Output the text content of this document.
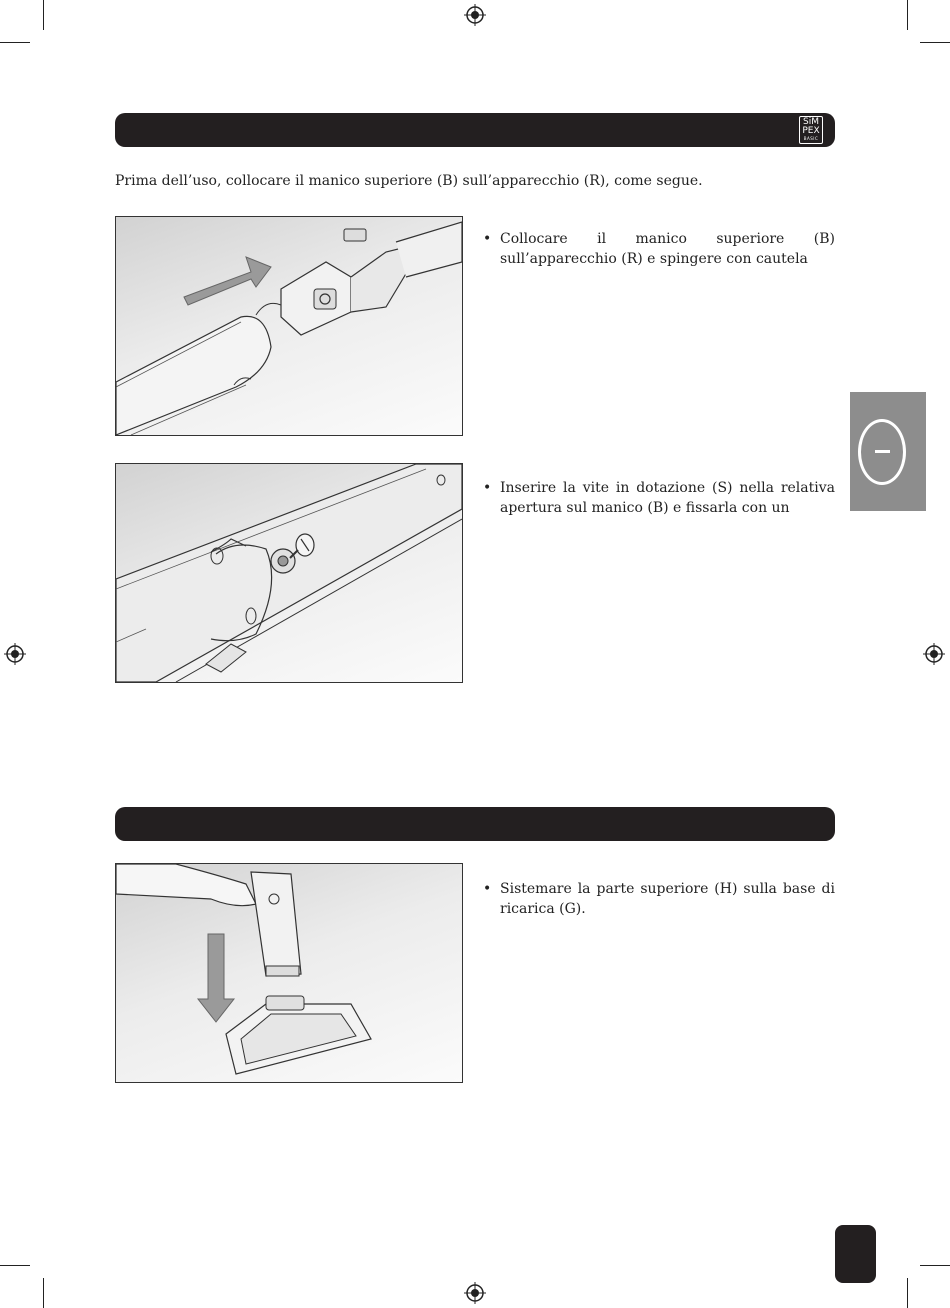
SiM
PEX
BASIC
Prima dell’uso, collocare il manico superiore (B) sull’apparecchio (R), come segue.
• Collocare il manico superiore (B) sull’apparecchio (R) e spingere con cautela
• Inserire la vite in dotazione (S) nella relativa apertura sul manico (B) e fissarla con un
• Sistemare la parte superiore (H) sulla base di ricarica (G).
